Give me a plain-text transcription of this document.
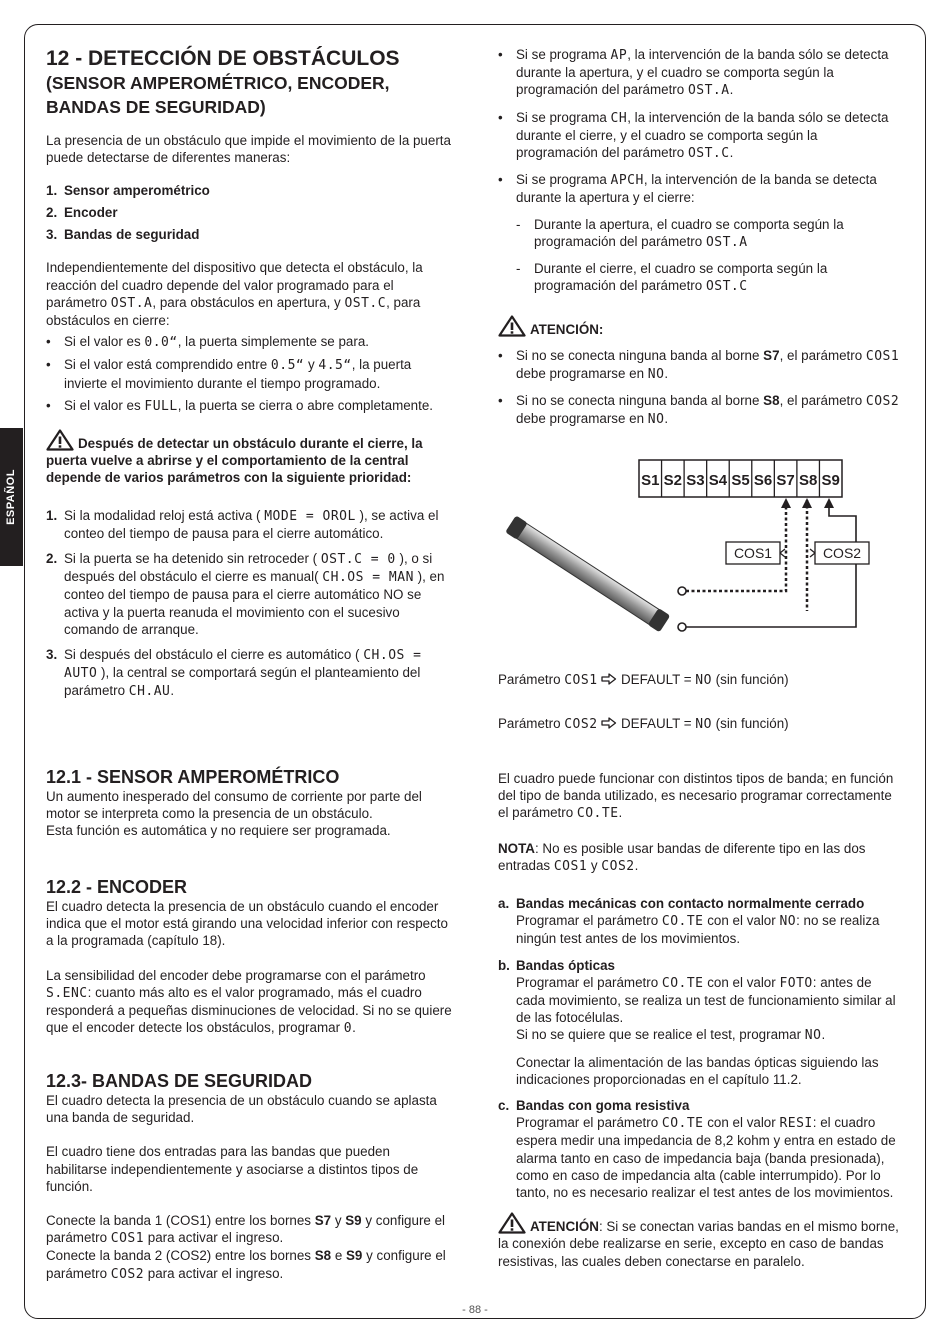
ESPAÑOL

12 - DETECCIÓN DE OBSTÁCULOS

(SENSOR AMPEROMÉTRICO, ENCODER,

BANDAS DE SEGURIDAD)

La presencia de un obstáculo que impide el movimiento de la puerta puede detectarse de diferentes maneras:

1. Sensor amperométrico
2. Encoder
3. Bandas de seguridad

Independientemente del dispositivo que detecta el obstáculo, la reacción del cuadro depende del valor programado para el parámetro OST.A, para obstáculos en apertura, y OST.C, para obstáculos en cierre:

• Si el valor es 0.0“, la puerta simplemente se para.
• Si el valor está comprendido entre 0.5“ y 4.5“, la puerta invierte el movimiento durante el tiempo programado.
• Si el valor es FULL, la puerta se cierra o abre completamente.

Después de detectar un obstáculo durante el cierre, la puerta vuelve a abrirse y el comportamiento de la central depende de varios parámetros con la siguiente prioridad:

1. Si la modalidad reloj está activa ( MODE = OROL ), se activa el conteo del tiempo de pausa para el cierre automático.
2. Si la puerta se ha detenido sin retroceder ( OST.C = 0 ), o si después del obstáculo el cierre es manual( CH.OS = MAN ), en conteo del tiempo de pausa para el cierre automático NO se activa y la puerta reanuda el movimiento con el sucesivo comando de arranque.
3. Si después del obstáculo el cierre es automático ( CH.OS = AUTO ), la central se comportará según el planteamiento del parámetro CH.AU.

12.1 - SENSOR AMPEROMÉTRICO

Un aumento inesperado del consumo de corriente por parte del motor se interpreta como la presencia de un obstáculo.

Esta función es automática y no requiere ser programada.

12.2 - ENCODER

El cuadro detecta la presencia de un obstáculo cuando el encoder indica que el motor está girando una velocidad inferior con respecto a la programada (capítulo 18).

La sensibilidad del encoder debe programarse con el parámetro S.ENC: cuanto más alto es el valor programado, más el cuadro responderá a pequeñas disminuciones de velocidad. Si no se quiere que el encoder detecte los obstáculos, programar 0.

12.3- BANDAS DE SEGURIDAD

El cuadro detecta la presencia de un obstáculo cuando se aplasta una banda de seguridad.

El cuadro tiene dos entradas para las bandas que pueden habilitarse independientemente y asociarse a distintos tipos de función.

Conecte la banda 1 (COS1) entre los bornes S7 y S9 y configure el parámetro COS1 para activar el ingreso.

Conecte la banda 2 (COS2) entre los bornes S8 e S9 y configure el parámetro COS2 para activar el ingreso.

• Si se programa AP, la intervención de la banda sólo se detecta durante la apertura, y el cuadro se comporta según la programación del parámetro OST.A.
• Si se programa CH, la intervención de la banda sólo se detecta durante el cierre, y el cuadro se comporta según la programación del parámetro OST.C.
• Si se programa APCH, la intervención de la banda se detecta durante la apertura y el cierre:
- Durante la apertura, el cuadro se comporta según la programación del parámetro OST.A
- Durante el cierre, el cuadro se comporta según la programación del parámetro OST.C

ATENCIÓN:

• Si no se conecta ninguna banda al borne S7, el parámetro COS1 debe programarse en NO.
• Si no se conecta ninguna banda al borne S8, el parámetro COS2 debe programarse en NO.
S1 S2 S3 S4 S5 S6 S7 S8 S9
COS1	COS2

Parámetro COS1  DEFAULT = NO (sin función)

Parámetro COS2  DEFAULT = NO (sin función)

El cuadro puede funcionar con distintos tipos de banda; en función del tipo de banda utilizado, es necesario programar correctamente el parámetro CO.TE.

NOTA: No es posible usar bandas de diferente tipo en las dos entradas COS1 y COS2.

a. Bandas mecánicas con contacto normalmente cerrado

Programar el parámetro CO.TE con el valor NO: no se realiza ningún test antes de los movimientos.

b. Bandas ópticas

Programar el parámetro CO.TE con el valor FOTO: antes de cada movimiento, se realiza un test de funcionamiento similar al de las fotocélulas.

Si no se quiere que se realice el test, programar NO.

Conectar la alimentación de las bandas ópticas siguiendo las indicaciones proporcionadas en el capítulo 11.2.

c. Bandas con goma resistiva

Programar el parámetro CO.TE con el valor RESI: el cuadro espera medir una impedancia de 8,2 kohm y entra en estado de alarma tanto en caso de impedancia baja (banda presionada), como en caso de impedancia alta (cable interrumpido). Por lo tanto, no es necesario realizar el test antes de los movimientos.

ATENCIÓN: Si se conectan varias bandas en el mismo borne, la conexión debe realizarse en serie, excepto en caso de bandas resistivas, las cuales deben conectarse en paralelo.

- 88 -
